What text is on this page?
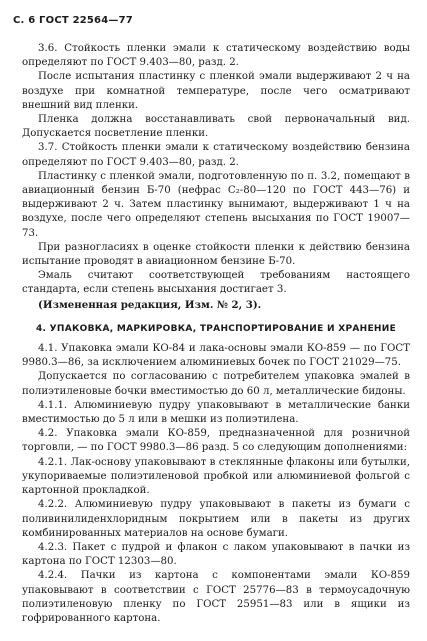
С. 6 ГОСТ 22564—77

3.6. Стойкость пленки эмали к статическому воздействию воды определяют по ГОСТ 9.403—80, разд. 2.

После испытания пластинку с пленкой эмали выдерживают 2 ч на воздухе при комнатной температуре, после чего осматривают внешний вид пленки.

Пленка должна восстанавливать свой первоначальный вид. Допускается посветление пленки.

3.7. Стойкость пленки эмали к статическому воздействию бензина определяют по ГОСТ 9.403—80, разд. 2.

Пластинку с пленкой эмали, подготовленную по п. 3.2, помещают в авиационный бензин Б-70 (нефрас С₂-80—120 по ГОСТ 443—76) и выдерживают 2 ч. Затем пластинку вынимают, выдерживают 1 ч на воздухе, после чего определяют степень высыхания по ГОСТ 19007—73.

При разногласиях в оценке стойкости пленки к действию бензина испытание проводят в авиационном бензине Б-70.

Эмаль считают соответствующей требованиям настоящего стандарта, если степень высыхания достигает 3.

(Измененная редакция, Изм. № 2, 3).

4. УПАКОВКА, МАРКИРОВКА, ТРАНСПОРТИРОВАНИЕ И ХРАНЕНИЕ

4.1. Упаковка эмали КО-84 и лака-основы эмали КО-859 — по ГОСТ 9980.3—86, за исключением алюминиевых бочек по ГОСТ 21029—75.

Допускается по согласованию с потребителем упаковка эмалей в полиэтиленовые бочки вместимостью до 60 л, металлические бидоны.

4.1.1. Алюминиевую пудру упаковывают в металлические банки вместимостью до 5 л или в мешки из полиэтилена.

4.2. Упаковка эмали КО-859, предназначенной для розничной торговли, — по ГОСТ 9980.3—86 разд. 5 со следующим дополнениями:

4.2.1. Лак-основу упаковывают в стеклянные флаконы или бутылки, укупориваемые полиэтиленовой пробкой или алюминиевой фольгой с картонной прокладкой.

4.2.2. Алюминиевую пудру упаковывают в пакеты из бумаги с поливинилиденхлоридным покрытием или в пакеты из других комбинированных материалов на основе бумаги.

4.2.3. Пакет с пудрой и флакон с лаком упаковывают в пачки из картона по ГОСТ 12303—80.

4.2.4. Пачки из картона с компонентами эмали КО-859 упаковывают в соответствии с ГОСТ 25776—83 в термоусадочную полиэтиленовую пленку по ГОСТ 25951—83 или в ящики из гофрированного картона.
